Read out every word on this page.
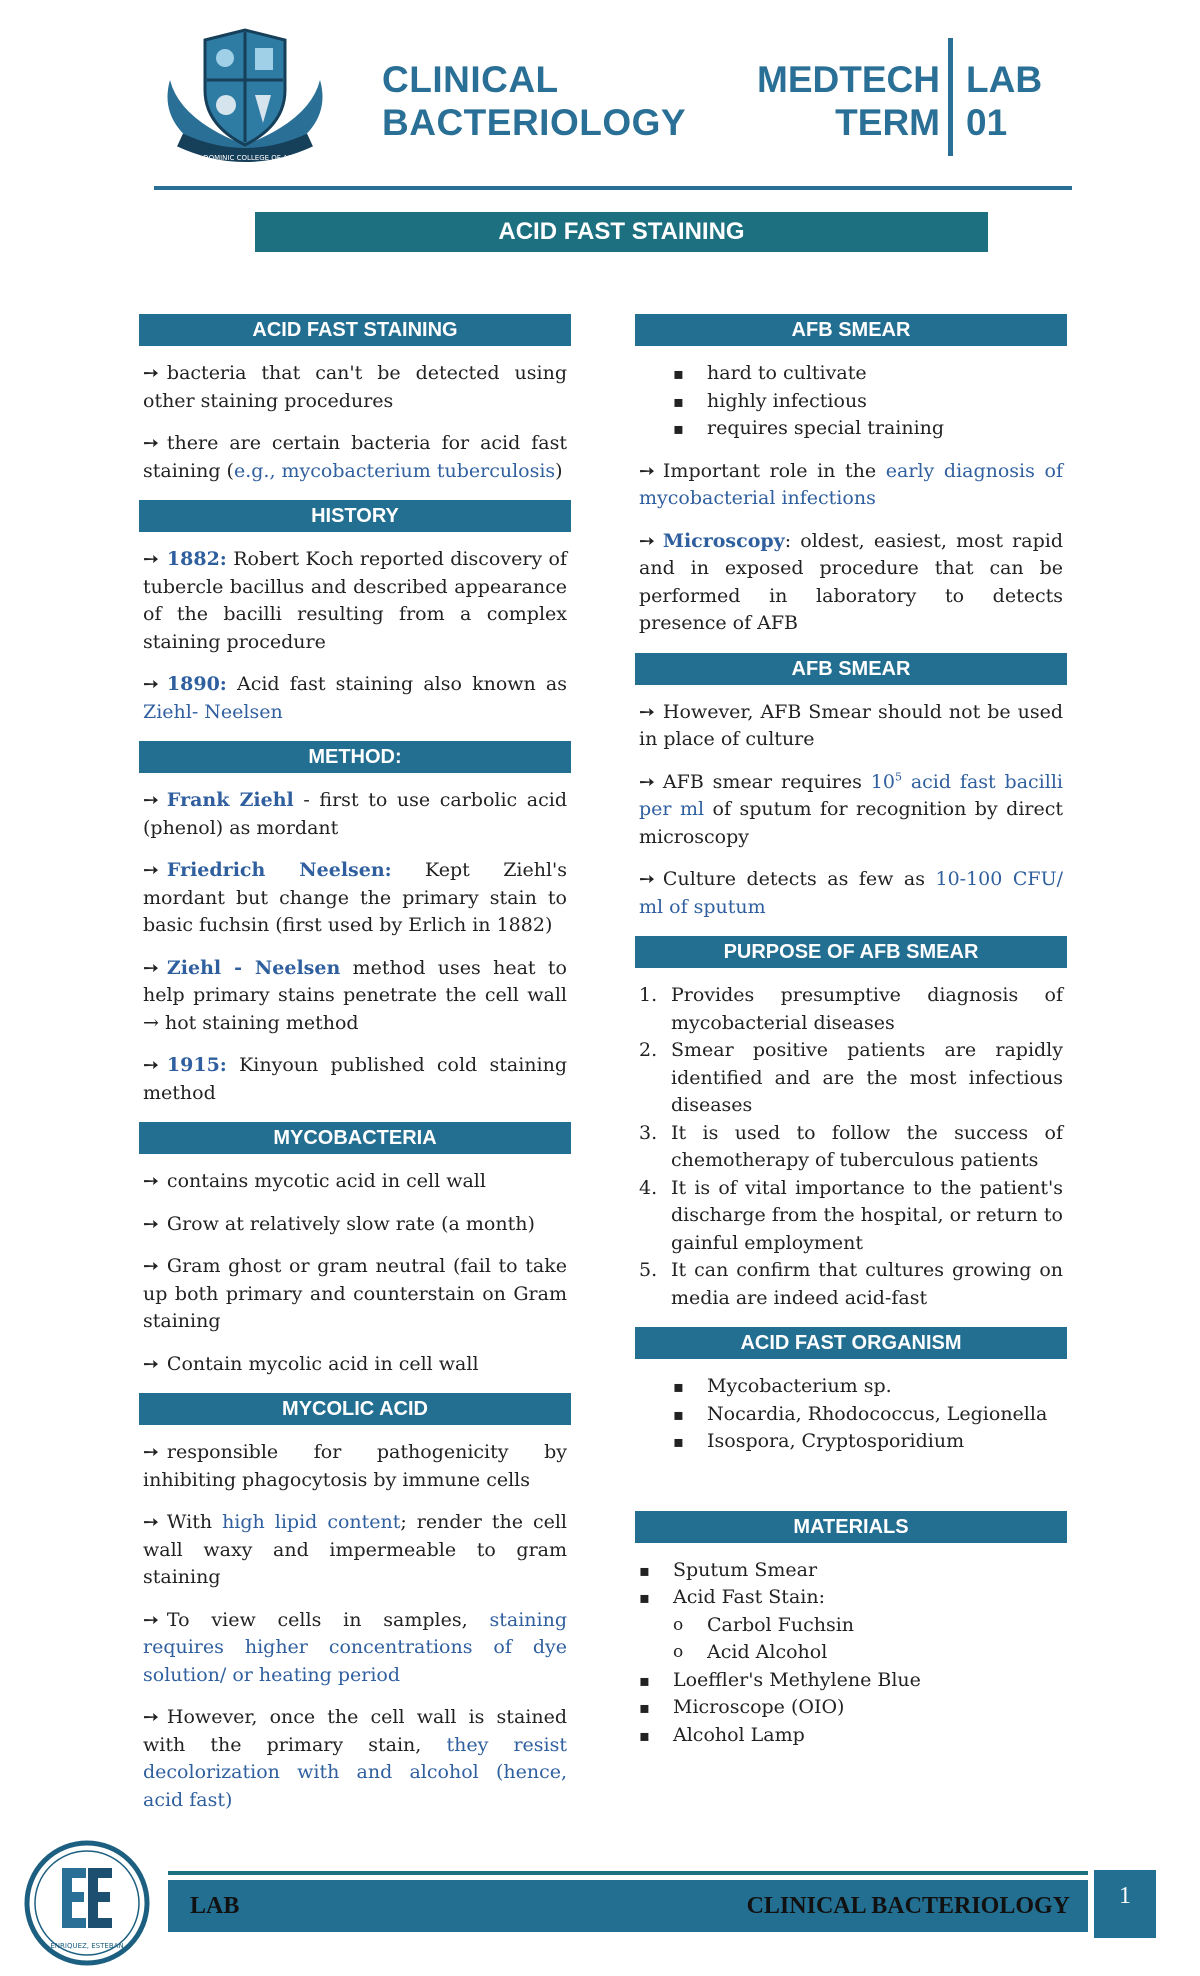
ST. DOMINIC COLLEGE OF ASIA
CLINICAL
BACTERIOLOGY
MEDTECH
TERM
LAB
01
ACID FAST STAINING
ACID FAST STAINING

➙ bacteria that can't be detected using other staining procedures

➙ there are certain bacteria for acid fast staining (e.g., mycobacterium tuberculosis)

HISTORY

➙ 1882: Robert Koch reported discovery of tubercle bacillus and described appearance of the bacilli resulting from a complex staining procedure

➙ 1890: Acid fast staining also known as Ziehl- Neelsen

METHOD:

➙ Frank Ziehl - first to use carbolic acid (phenol) as mordant

➙ Friedrich Neelsen: Kept Ziehl's mordant but change the primary stain to basic fuchsin (first used by Erlich in 1882)

➙ Ziehl - Neelsen method uses heat to help primary stains penetrate the cell wall → hot staining method

➙ 1915: Kinyoun published cold staining method

MYCOBACTERIA

➙ contains mycotic acid in cell wall

➙ Grow at relatively slow rate (a month)

➙ Gram ghost or gram neutral (fail to take up both primary and counterstain on Gram staining

➙ Contain mycolic acid in cell wall

MYCOLIC ACID

➙ responsible for pathogenicity by inhibiting phagocytosis by immune cells

➙ With high lipid content; render the cell wall waxy and impermeable to gram staining

➙ To view cells in samples, staining requires higher concentrations of dye solution/ or heating period

➙ However, once the cell wall is stained with the primary stain, they resist decolorization with and alcohol (hence, acid fast)

AFB SMEAR
▪ hard to cultivate
▪ highly infectious
▪ requires special training

➙ Important role in the early diagnosis of mycobacterial infections

➙ Microscopy: oldest, easiest, most rapid and in exposed procedure that can be performed in laboratory to detects presence of AFB

AFB SMEAR

➙ However, AFB Smear should not be used in place of culture

➙ AFB smear requires $10^5$ acid fast bacilli per ml of sputum for recognition by direct microscopy

➙ Culture detects as few as 10-100 CFU/ ml of sputum

PURPOSE OF AFB SMEAR
1. Provides presumptive diagnosis of mycobacterial diseases
2. Smear positive patients are rapidly identified and are the most infectious diseases
3. It is used to follow the success of chemotherapy of tuberculous patients
4. It is of vital importance to the patient's discharge from the hospital, or return to gainful employment
5. It can confirm that cultures growing on media are indeed acid-fast
ACID FAST ORGANISM
▪ Mycobacterium sp.
▪ Nocardia, Rhodococcus, Legionella
▪ Isospora, Cryptosporidium
MATERIALS
▪ Sputum Smear
▪ Acid Fast Stain:
o Carbol Fuchsin
o Acid Alcohol
▪ Loeffler's Methylene Blue
▪ Microscope (OIO)
▪ Alcohol Lamp
ENRIQUEZ, ESTEBAN
LAB	CLINICAL BACTERIOLOGY	1
